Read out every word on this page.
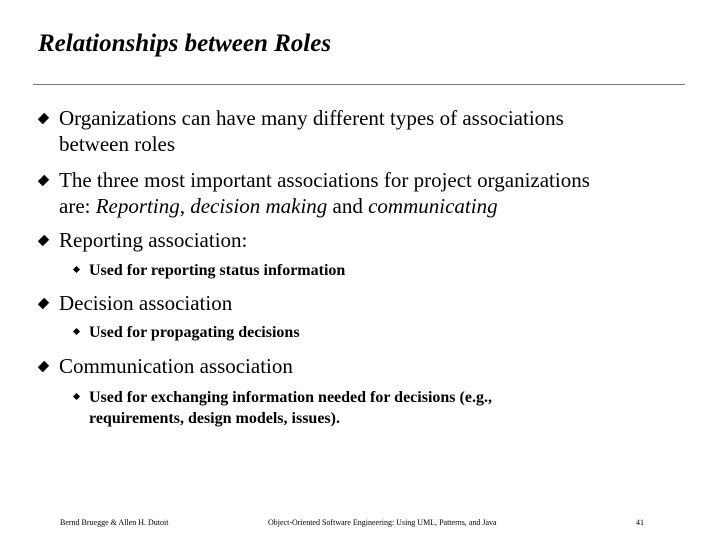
Relationships between Roles
Organizations can have many different types of associations
between roles
The three most important associations for project organizations
are: Reporting, decision making and communicating
Reporting association:
Used for reporting status information
Decision association
Used for propagating decisions
Communication association
Used for exchanging information needed for decisions (e.g.,
requirements, design models, issues).
Bernd Bruegge & Allen H. Dutoit	Object-Oriented Software Engineering: Using UML, Patterns, and Java	41
